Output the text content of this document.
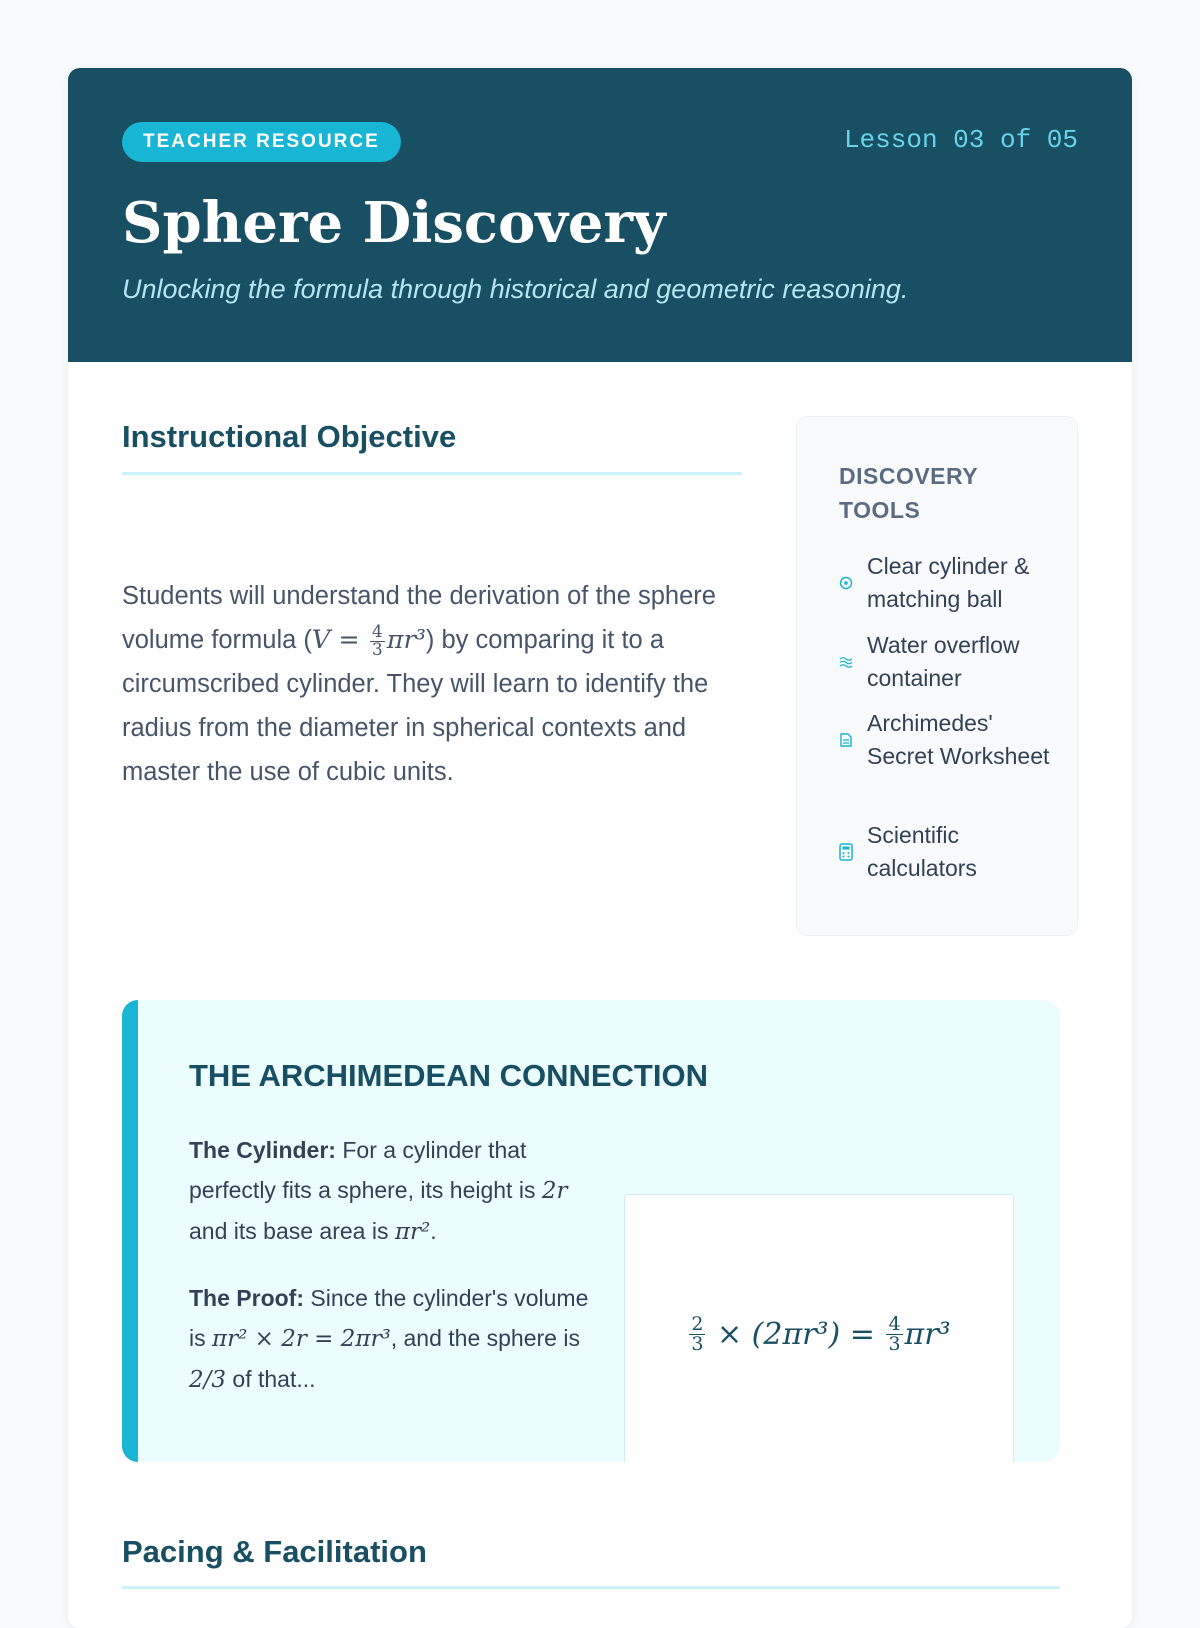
TEACHER RESOURCE	Lesson 03 of 05
Sphere Discovery
Unlocking the formula through historical and geometric reasoning.
Instructional Objective

Students will understand the derivation of the sphere volume formula $(V = \frac{4}{3} \pi r^3)$ by comparing it to a circumscribed cylinder. They will learn to identify the radius from the diameter in spherical contexts and master the use of cubic units.

DISCOVERY TOOLS
Clear cylinder & matching ball
Water overflow container
Archimedes' Secret Worksheet
Scientific calculators
THE ARCHIMEDEAN CONNECTION

The Cylinder: For a cylinder that perfectly fits a sphere, its height is 2r and its base area is πr².

The Proof: Since the cylinder's volume is πr² × 2r = 2πr³, and the sphere is 2/3 of that...

$\frac{2}{3} \times (2\pi r^3) = \frac{4}{3} \pi r^3$
Pacing & Facilitation
